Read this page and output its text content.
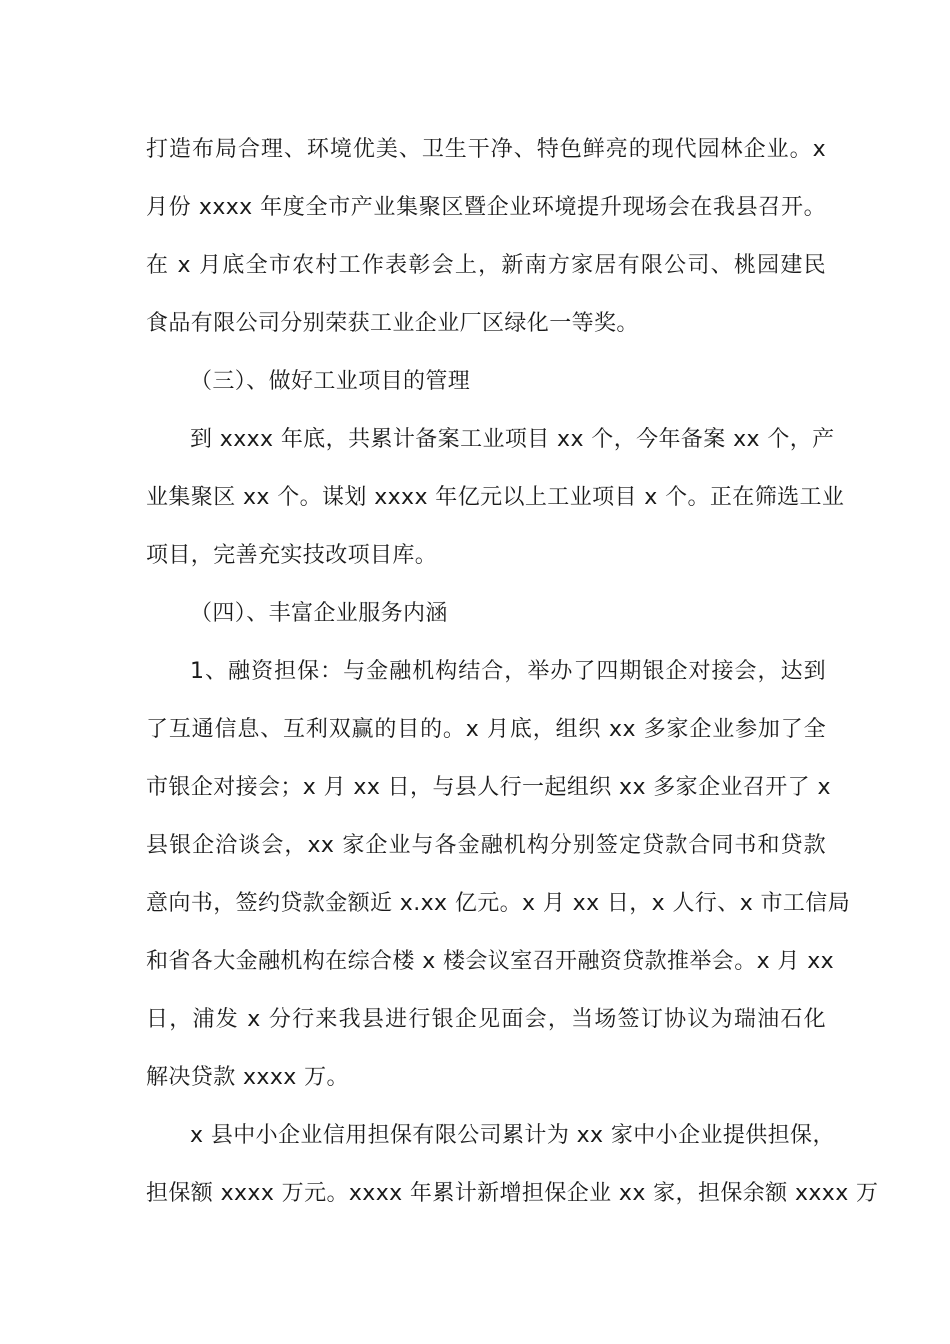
打造布局合理、环境优美、卫生干净、特色鲜亮的现代园林企业。x
月份 xxxx 年度全市产业集聚区暨企业环境提升现场会在我县召开。
在 x 月底全市农村工作表彰会上，新南方家居有限公司、桃园建民
食品有限公司分别荣获工业企业厂区绿化一等奖。
（三）、做好工业项目的管理
到 xxxx 年底，共累计备案工业项目 xx 个，今年备案 xx 个，产
业集聚区 xx 个。谋划 xxxx 年亿元以上工业项目 x 个。正在筛选工业
项目，完善充实技改项目库。
（四）、丰富企业服务内涵
1、融资担保：与金融机构结合，举办了四期银企对接会，达到
了互通信息、互利双赢的目的。x 月底，组织 xx 多家企业参加了全
市银企对接会；x 月 xx 日，与县人行一起组织 xx 多家企业召开了 x
县银企洽谈会，xx 家企业与各金融机构分别签定贷款合同书和贷款
意向书，签约贷款金额近 x.xx 亿元。x 月 xx 日，x 人行、x 市工信局
和省各大金融机构在综合楼 x 楼会议室召开融资贷款推举会。x 月 xx
日，浦发 x 分行来我县进行银企见面会，当场签订协议为瑞油石化
解决贷款 xxxx 万。
x 县中小企业信用担保有限公司累计为 xx 家中小企业提供担保，
担保额 xxxx 万元。xxxx 年累计新增担保企业 xx 家，担保余额 xxxx 万
